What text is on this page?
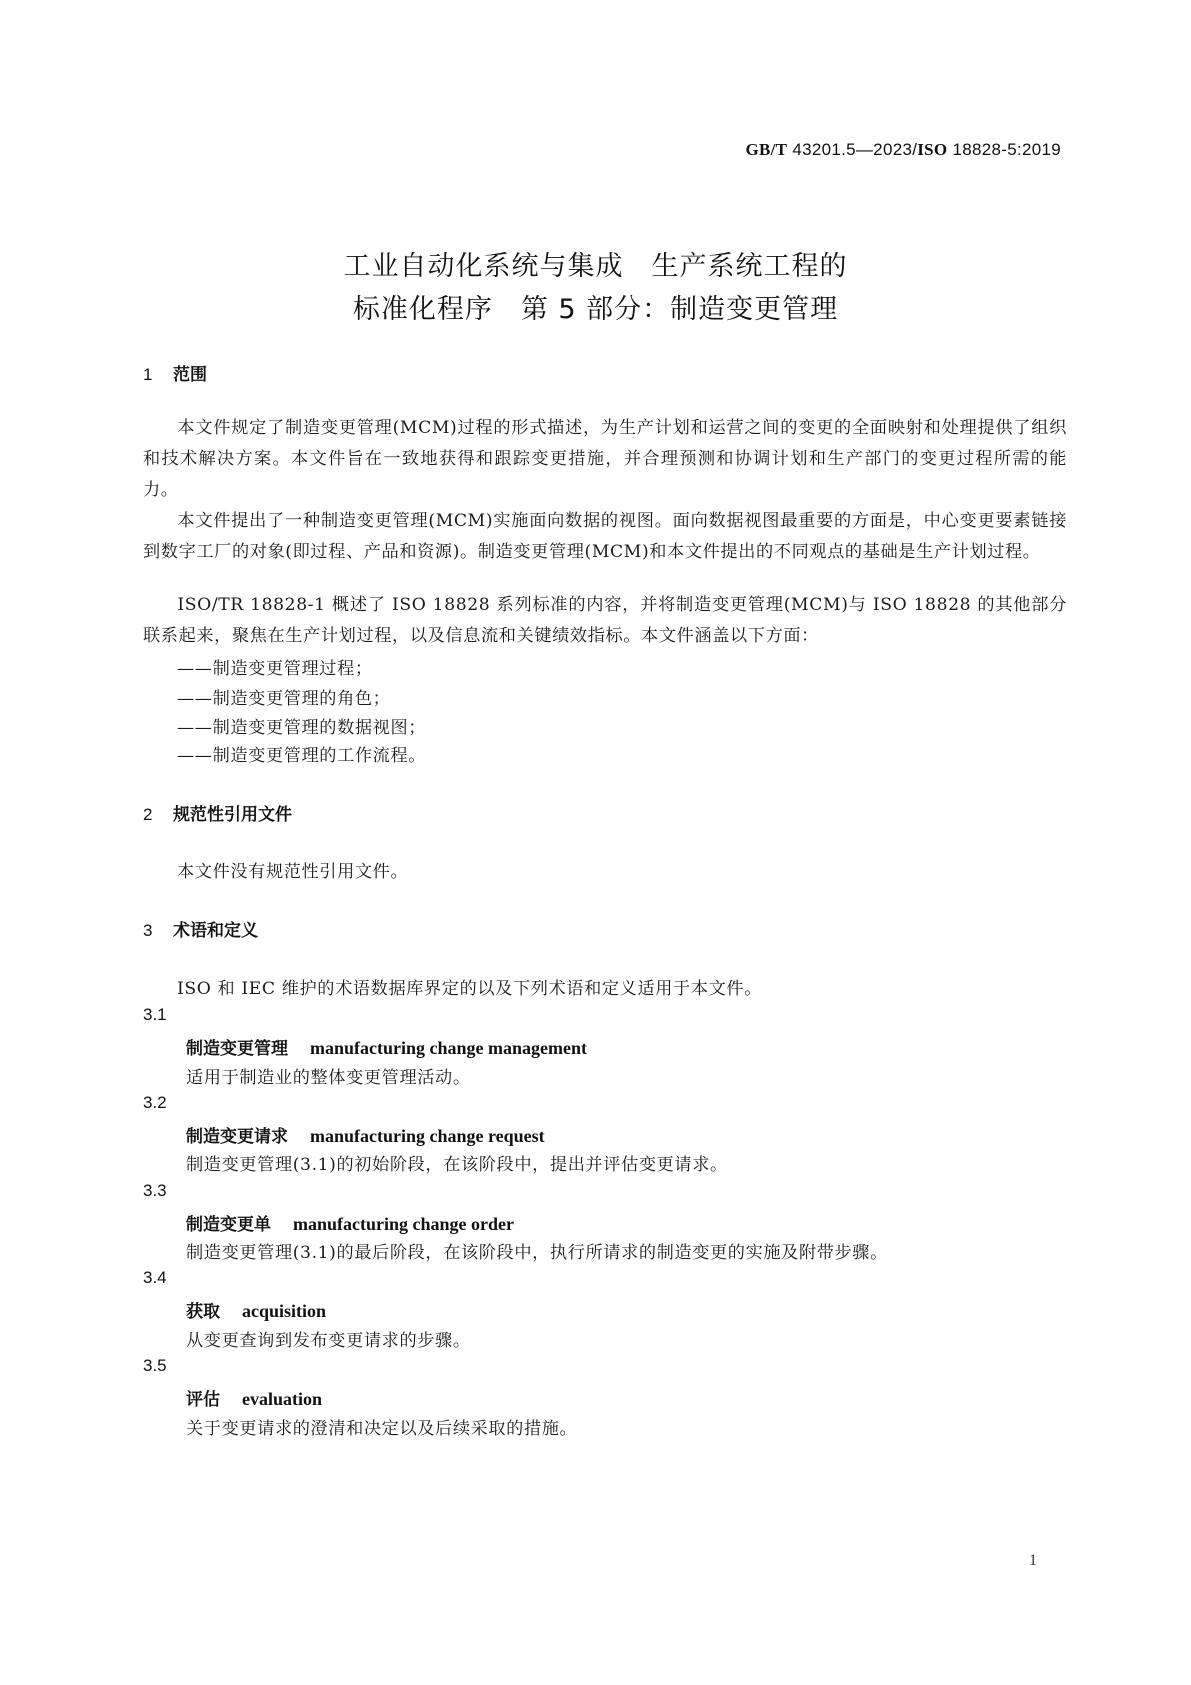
GB/T 43201.5—2023/ISO 18828-5:2019
工业自动化系统与集成　生产系统工程的
标准化程序　第 5 部分：制造变更管理
1 范围

本文件规定了制造变更管理(MCM)过程的形式描述，为生产计划和运营之间的变更的全面映射和处理提供了组织和技术解决方案。本文件旨在一致地获得和跟踪变更措施，并合理预测和协调计划和生产部门的变更过程所需的能力。

本文件提出了一种制造变更管理(MCM)实施面向数据的视图。面向数据视图最重要的方面是，中心变更要素链接到数字工厂的对象(即过程、产品和资源)。制造变更管理(MCM)和本文件提出的不同观点的基础是生产计划过程。

ISO/TR 18828-1 概述了 ISO 18828 系列标准的内容，并将制造变更管理(MCM)与 ISO 18828 的其他部分联系起来，聚焦在生产计划过程，以及信息流和关键绩效指标。本文件涵盖以下方面：

——制造变更管理过程；
——制造变更管理的角色；
——制造变更管理的数据视图；
——制造变更管理的工作流程。
2 规范性引用文件
本文件没有规范性引用文件。
3 术语和定义
ISO 和 IEC 维护的术语数据库界定的以及下列术语和定义适用于本文件。
3.1
制造变更管理 manufacturing change management
适用于制造业的整体变更管理活动。
3.2
制造变更请求 manufacturing change request
制造变更管理(3.1)的初始阶段，在该阶段中，提出并评估变更请求。
3.3
制造变更单 manufacturing change order
制造变更管理(3.1)的最后阶段，在该阶段中，执行所请求的制造变更的实施及附带步骤。
3.4
获取 acquisition
从变更查询到发布变更请求的步骤。
3.5
评估 evaluation
关于变更请求的澄清和决定以及后续采取的措施。
1
